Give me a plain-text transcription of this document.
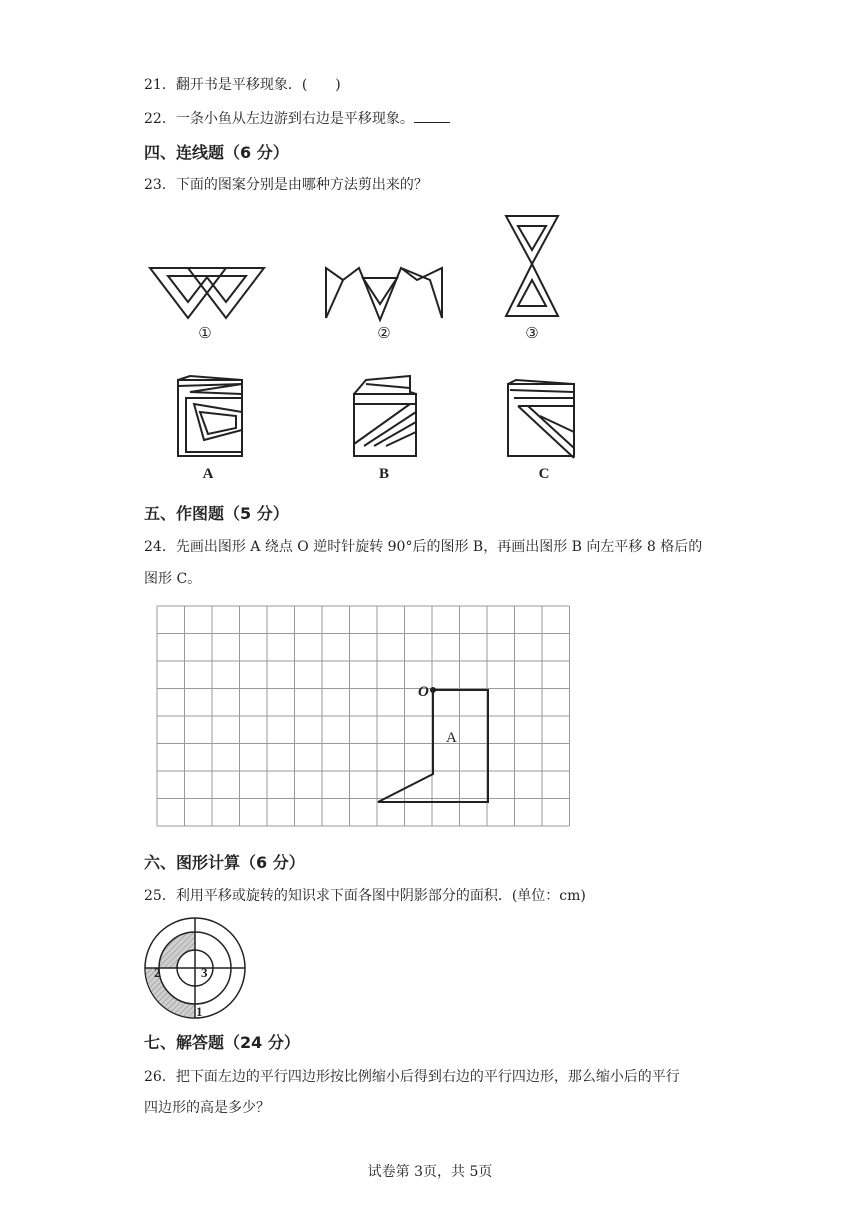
21．翻开书是平移现象．(　　)
22．一条小鱼从左边游到右边是平移现象。
四、连线题（6 分）
23．下面的图案分别是由哪种方法剪出来的？
①	②	③
A	B	C
五、作图题（5 分）
24．先画出图形 A 绕点 O 逆时针旋转 90°后的图形 B，再画出图形 B 向左平移 8 格后的
图形 C。
O
A
六、图形计算（6 分）
25．利用平移或旋转的知识求下面各图中阴影部分的面积．(单位：cm)
2	3
1
七、解答题（24 分）
26．把下面左边的平行四边形按比例缩小后得到右边的平行四边形，那么缩小后的平行
四边形的高是多少？
试卷第 3页，共 5页
